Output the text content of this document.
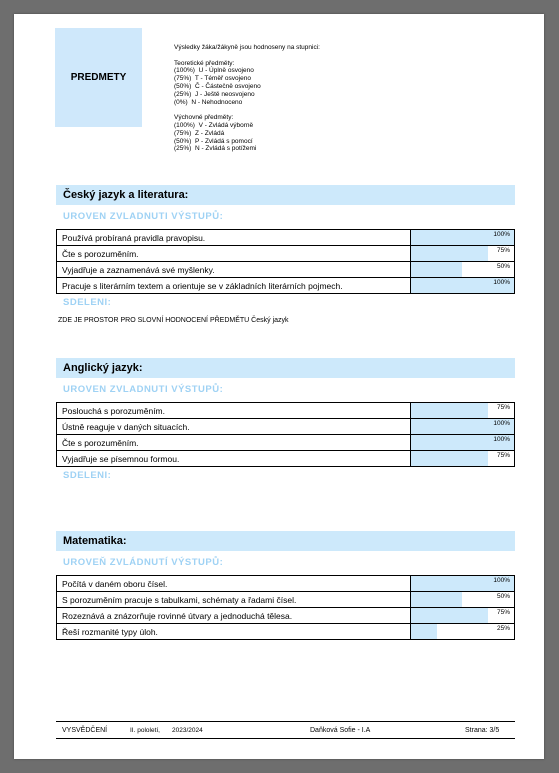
PREDMETY
Výsledky žáka/žákyně jsou hodnoseny na stupnici:

Teoretické předměty:
(100%)  U - Úplně osvojeno
(75%)  T - Téměř osvojeno
(50%)  Č - Částečně osvojeno
(25%)  J - Ještě neosvojeno
(0%)  N - Nehodnoceno

Výchovné předměty:
(100%)  V - Zvládá výborně
(75%)  Z - Zvládá
(50%)  P - Zvládá s pomocí
(25%)  N - Zvládá s potížemi
Český jazyk a literatura:
UROVEN ZVLADNUTI VÝSTUPŮ:
Používá probíraná pravidla pravopisu.	100%

Čte s porozuměním.	75%

Vyjadřuje a zaznamenává své myšlenky.	50%

Pracuje s literárním textem a orientuje se v základních literárních pojmech.	100%
SDELENI:
ZDE JE PROSTOR PRO SLOVNÍ HODNOCENÍ PŘEDMĚTU Český jazyk
Anglický jazyk:
UROVEN ZVLADNUTI VÝSTUPŮ:
Poslouchá s porozuměním.	75%

Ústně reaguje v daných situacích.	100%

Čte s porozuměním.	100%

Vyjadřuje se písemnou formou.	75%
SDELENI:
Matematika:
UROVEŇ ZVLÁDNUTÍ VÝSTUPŮ:
Počítá v daném oboru čísel.	100%

S porozuměním pracuje s tabulkami, schématy a řadami čísel.	50%

Rozeznává a znázorňuje rovinné útvary a jednoduchá tělesa.	75%

Řeší rozmanité typy úloh.	25%
VYSVĚDČENÍ	II. pololetí, 2023/2024	Daňková Sofie - I.A	Strana: 3/5
